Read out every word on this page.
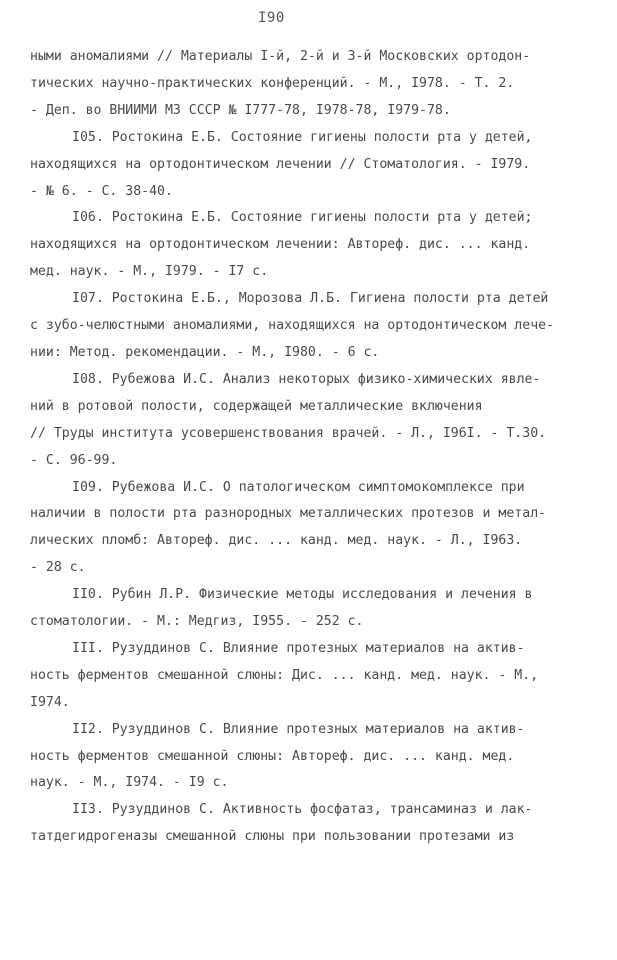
I90
ными аномалиями // Материалы I-й, 2-й и 3-й Московских ортодон-
тических научно-практических конференций. - М., I978. - Т. 2.
- Деп. во ВНИИМИ МЗ СССР № I777-78, I978-78, I979-78.
I05. Ростокина Е.Б. Состояние гигиены полости рта у детей,
находящихся на ортодонтическом лечении // Стоматология. - I979.
- № 6. - С. 38-40.
I06. Ростокина Е.Б. Состояние гигиены полости рта у детей;
находящихся на ортодонтическом лечении: Автореф. дис. ... канд.
мед. наук. - М., I979. - I7 с.
I07. Ростокина Е.Б., Морозова Л.Б. Гигиена полости рта детей
с зубо-челюстными аномалиями, находящихся на ортодонтическом лече-
нии: Метод. рекомендации. - М., I980. - 6 с.
I08. Рубежова И.С. Анализ некоторых физико-химических явле-
ний в ротовой полости, содержащей металлические включения
// Труды института усовершенствования врачей. - Л., I96I. - Т.30.
- С. 96-99.
I09. Рубежова И.С. О патологическом симптомокомплексе при
наличии в полости рта разнородных металлических протезов и метал-
лических пломб: Автореф. дис. ... канд. мед. наук. - Л., I963.
- 28 с.
II0. Рубин Л.Р. Физические методы исследования и лечения в
стоматологии. - М.: Медгиз, I955. - 252 с.
III. Рузуддинов С. Влияние протезных материалов на актив-
ность ферментов смешанной слюны: Дис. ... канд. мед. наук. - М.,
I974.
II2. Рузуддинов С. Влияние протезных материалов на актив-
ность ферментов смешанной слюны: Автореф. дис. ... канд. мед.
наук. - М., I974. - I9 с.
II3. Рузуддинов С. Активность фосфатаз, трансаминаз и лак-
татдегидрогеназы смешанной слюны при пользовании протезами из
